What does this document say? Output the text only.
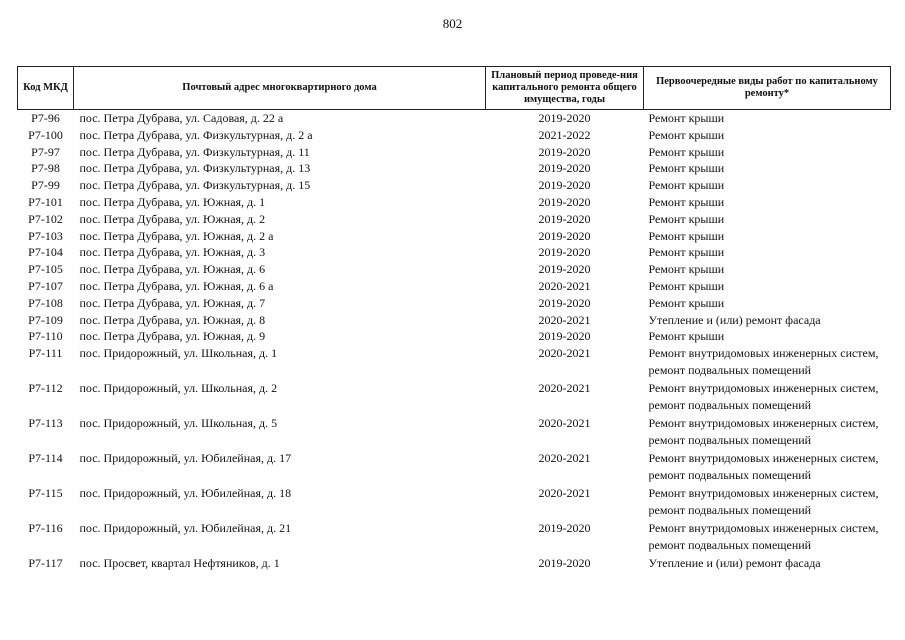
802
Код МКД	Почтовый адрес многоквартирного дома	Плановый период проведе-ния капитального ремонта общего имущества, годы	Первоочередные виды работ по капитальному ремонту*
Р7-96	пос. Петра Дубрава, ул. Садовая, д. 22 а	2019-2020	Ремонт крыши

Р7-100	пос. Петра Дубрава, ул. Физкультурная, д. 2 а	2021-2022	Ремонт крыши

Р7-97	пос. Петра Дубрава, ул. Физкультурная, д. 11	2019-2020	Ремонт крыши

Р7-98	пос. Петра Дубрава, ул. Физкультурная, д. 13	2019-2020	Ремонт крыши

Р7-99	пос. Петра Дубрава, ул. Физкультурная, д. 15	2019-2020	Ремонт крыши

Р7-101	пос. Петра Дубрава, ул. Южная, д. 1	2019-2020	Ремонт крыши

Р7-102	пос. Петра Дубрава, ул. Южная, д. 2	2019-2020	Ремонт крыши

Р7-103	пос. Петра Дубрава, ул. Южная, д. 2 а	2019-2020	Ремонт крыши

Р7-104	пос. Петра Дубрава, ул. Южная, д. 3	2019-2020	Ремонт крыши

Р7-105	пос. Петра Дубрава, ул. Южная, д. 6	2019-2020	Ремонт крыши

Р7-107	пос. Петра Дубрава, ул. Южная, д. 6 а	2020-2021	Ремонт крыши

Р7-108	пос. Петра Дубрава, ул. Южная, д. 7	2019-2020	Ремонт крыши

Р7-109	пос. Петра Дубрава, ул. Южная, д. 8	2020-2021	Утепление и (или) ремонт фасада

Р7-110	пос. Петра Дубрава, ул. Южная, д. 9	2019-2020	Ремонт крыши

Р7-111	пос. Придорожный, ул. Школьная, д. 1	2020-2021	Ремонт внутридомовых инженерных систем,
ремонт подвальных помещений

Р7-112	пос. Придорожный, ул. Школьная, д. 2	2020-2021	Ремонт внутридомовых инженерных систем,
ремонт подвальных помещений

Р7-113	пос. Придорожный, ул. Школьная, д. 5	2020-2021	Ремонт внутридомовых инженерных систем,
ремонт подвальных помещений

Р7-114	пос. Придорожный, ул. Юбилейная, д. 17	2020-2021	Ремонт внутридомовых инженерных систем,
ремонт подвальных помещений

Р7-115	пос. Придорожный, ул. Юбилейная, д. 18	2020-2021	Ремонт внутридомовых инженерных систем,
ремонт подвальных помещений

Р7-116	пос. Придорожный, ул. Юбилейная, д. 21	2019-2020	Ремонт внутридомовых инженерных систем,
ремонт подвальных помещений

Р7-117	пос. Просвет, квартал Нефтяников, д. 1	2019-2020	Утепление и (или) ремонт фасада
